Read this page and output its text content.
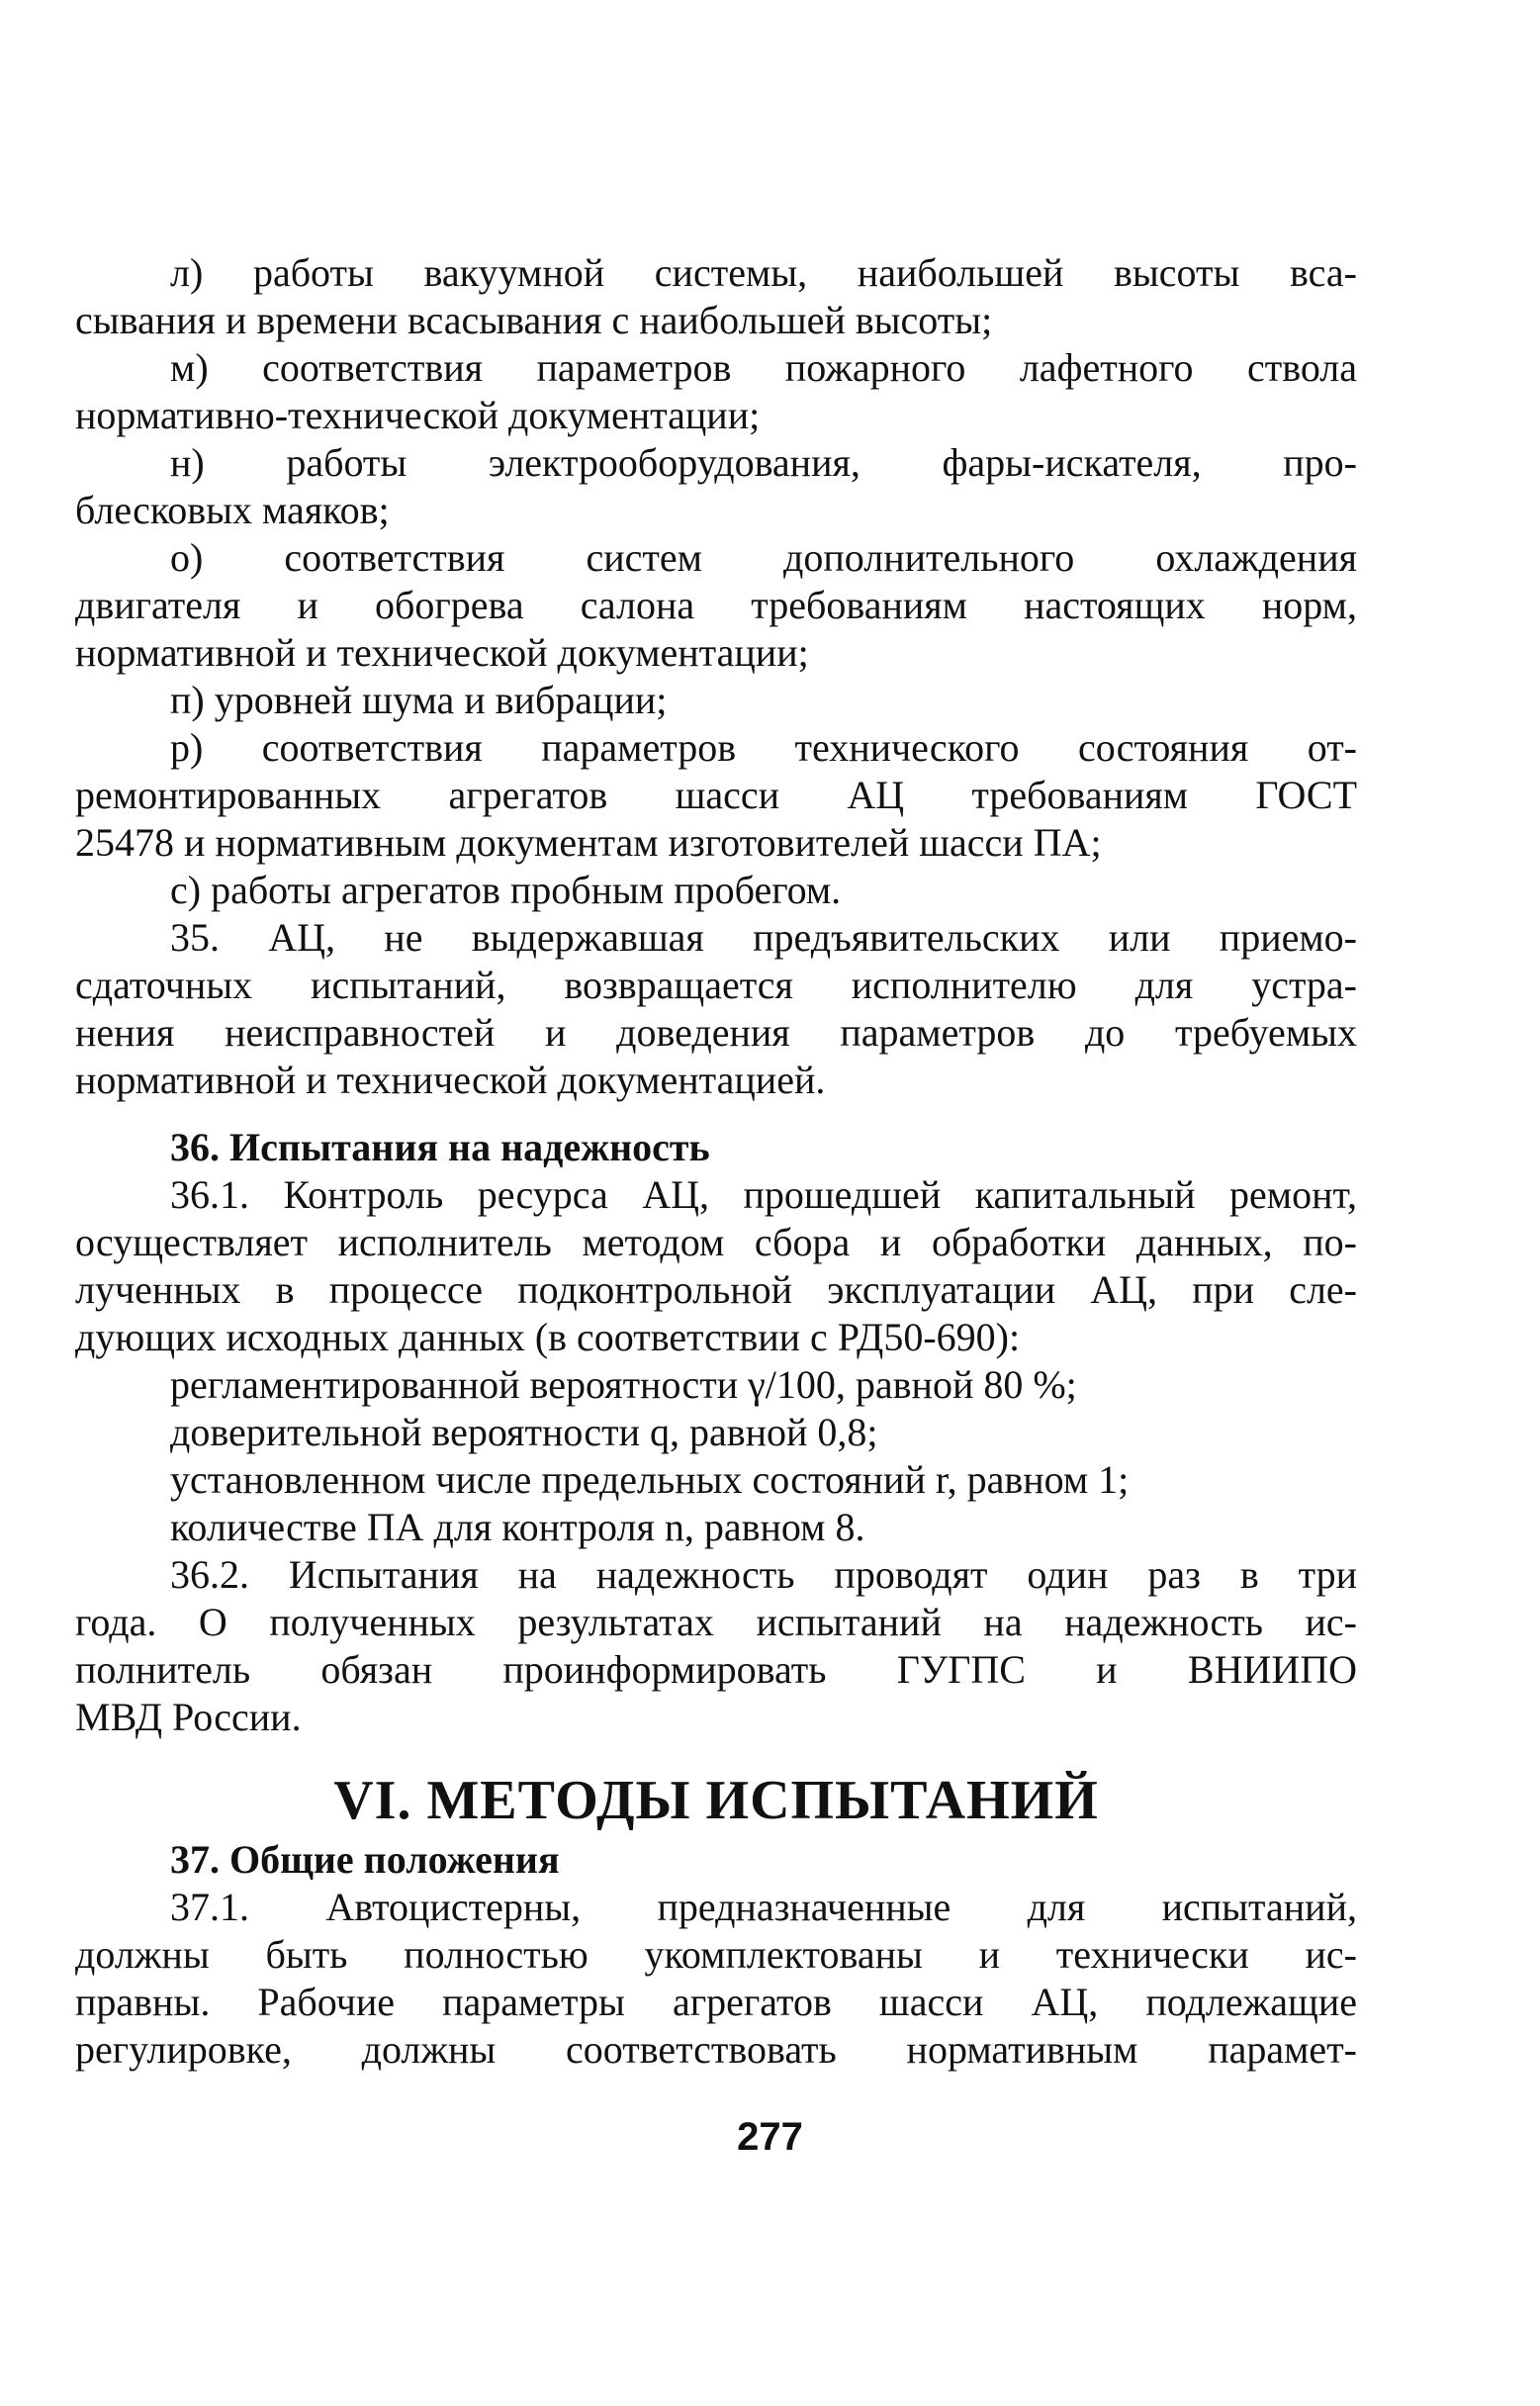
л) работы вакуумной системы, наибольшей высоты вса-
сывания и времени всасывания с наибольшей высоты;
м) соответствия параметров пожарного лафетного ствола
нормативно-технической документации;
н) работы электрооборудования, фары-искателя, про-
блесковых маяков;
о) соответствия систем дополнительного охлаждения
двигателя и обогрева салона требованиям настоящих норм,
нормативной и технической документации;
п) уровней шума и вибрации;
р) соответствия параметров технического состояния от-
ремонтированных агрегатов шасси АЦ требованиям ГОСТ
25478 и нормативным документам изготовителей шасси ПА;
с) работы агрегатов пробным пробегом.
35. АЦ, не выдержавшая предъявительских или приемо-
сдаточных испытаний, возвращается исполнителю для устра-
нения неисправностей и доведения параметров до требуемых
нормативной и технической документацией.
36. Испытания на надежность
36.1. Контроль ресурса АЦ, прошедшей капитальный ремонт,
осуществляет исполнитель методом сбора и обработки данных, по-
лученных в процессе подконтрольной эксплуатации АЦ, при сле-
дующих исходных данных (в соответствии с РД50-690):
регламентированной вероятности γ/100, равной 80 %;
доверительной вероятности q, равной 0,8;
установленном числе предельных состояний r, равном 1;
количестве ПА для контроля n, равном 8.
36.2. Испытания на надежность проводят один раз в три
года. О полученных результатах испытаний на надежность ис-
полнитель обязан проинформировать ГУГПС и ВНИИПО
МВД России.
37. Общие положения
37.1. Автоцистерны, предназначенные для испытаний,
должны быть полностью укомплектованы и технически ис-
правны. Рабочие параметры агрегатов шасси АЦ, подлежащие
регулировке, должны соответствовать нормативным парамет-
VI. МЕТОДЫ ИСПЫТАНИЙ
277
